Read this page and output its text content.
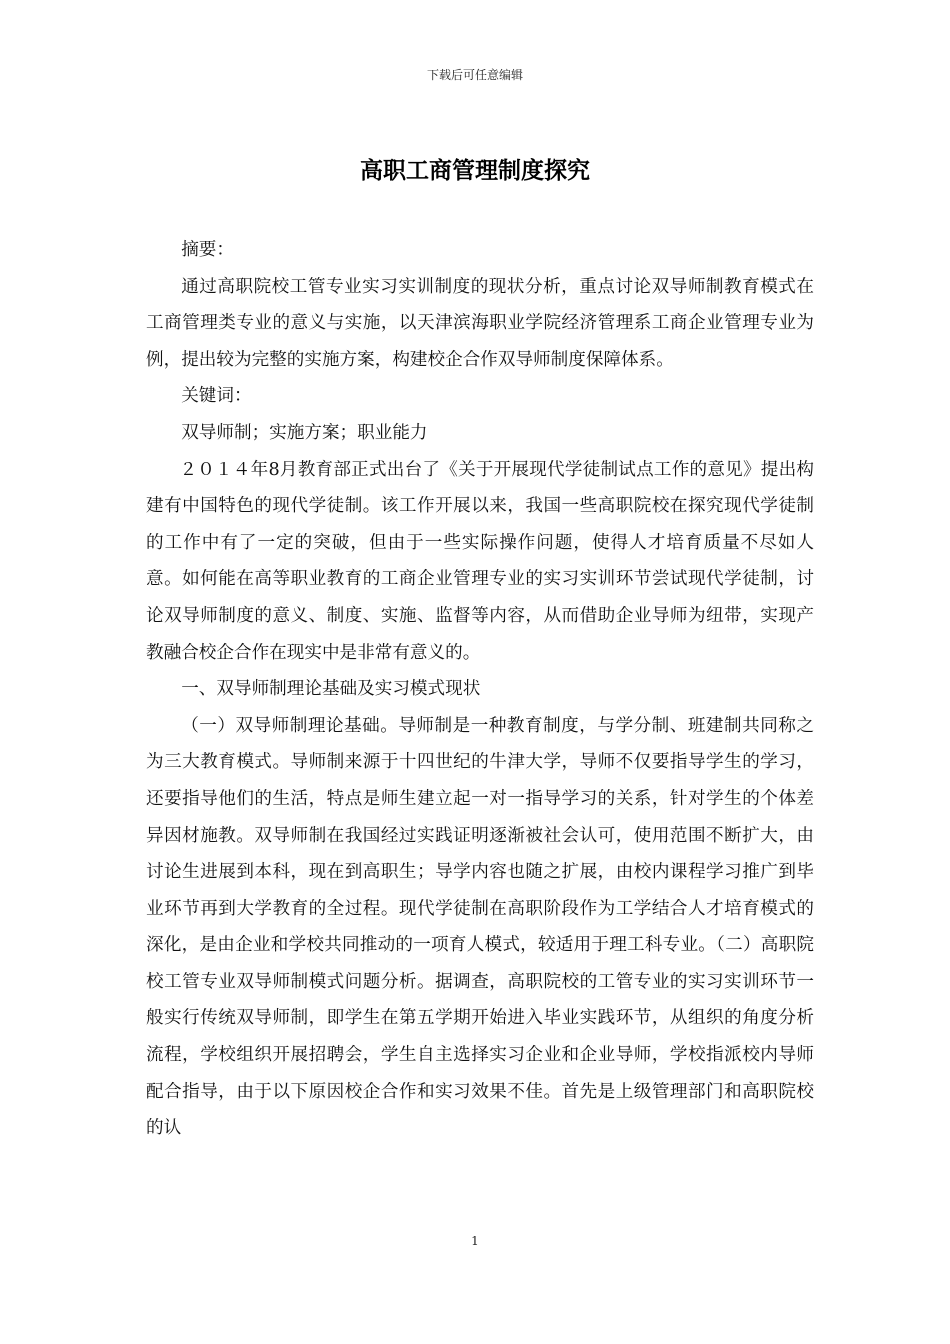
下载后可任意编辑
高职工商管理制度探究

摘要：

通过高职院校工管专业实习实训制度的现状分析，重点讨论双导师制教育模式在工商管理类专业的意义与实施，以天津滨海职业学院经济管理系工商企业管理专业为例，提出较为完整的实施方案，构建校企合作双导师制度保障体系。

关键词：

双导师制；实施方案；职业能力

２０１４年8月教育部正式出台了《关于开展现代学徒制试点工作的意见》提出构建有中国特色的现代学徒制。该工作开展以来，我国一些高职院校在探究现代学徒制的工作中有了一定的突破，但由于一些实际操作问题，使得人才培育质量不尽如人意。如何能在高等职业教育的工商企业管理专业的实习实训环节尝试现代学徒制，讨论双导师制度的意义、制度、实施、监督等内容，从而借助企业导师为纽带，实现产教融合校企合作在现实中是非常有意义的。

一、双导师制理论基础及实习模式现状

（一）双导师制理论基础。导师制是一种教育制度，与学分制、班建制共同称之为三大教育模式。导师制来源于十四世纪的牛津大学，导师不仅要指导学生的学习，还要指导他们的生活，特点是师生建立起一对一指导学习的关系，针对学生的个体差异因材施教。双导师制在我国经过实践证明逐渐被社会认可，使用范围不断扩大，由讨论生进展到本科，现在到高职生；导学内容也随之扩展，由校内课程学习推广到毕业环节再到大学教育的全过程。现代学徒制在高职阶段作为工学结合人才培育模式的深化，是由企业和学校共同推动的一项育人模式，较适用于理工科专业。（二）高职院校工管专业双导师制模式问题分析。据调查，高职院校的工管专业的实习实训环节一般实行传统双导师制，即学生在第五学期开始进入毕业实践环节，从组织的角度分析流程，学校组织开展招聘会，学生自主选择实习企业和企业导师，学校指派校内导师配合指导，由于以下原因校企合作和实习效果不佳。首先是上级管理部门和高职院校的认

1
